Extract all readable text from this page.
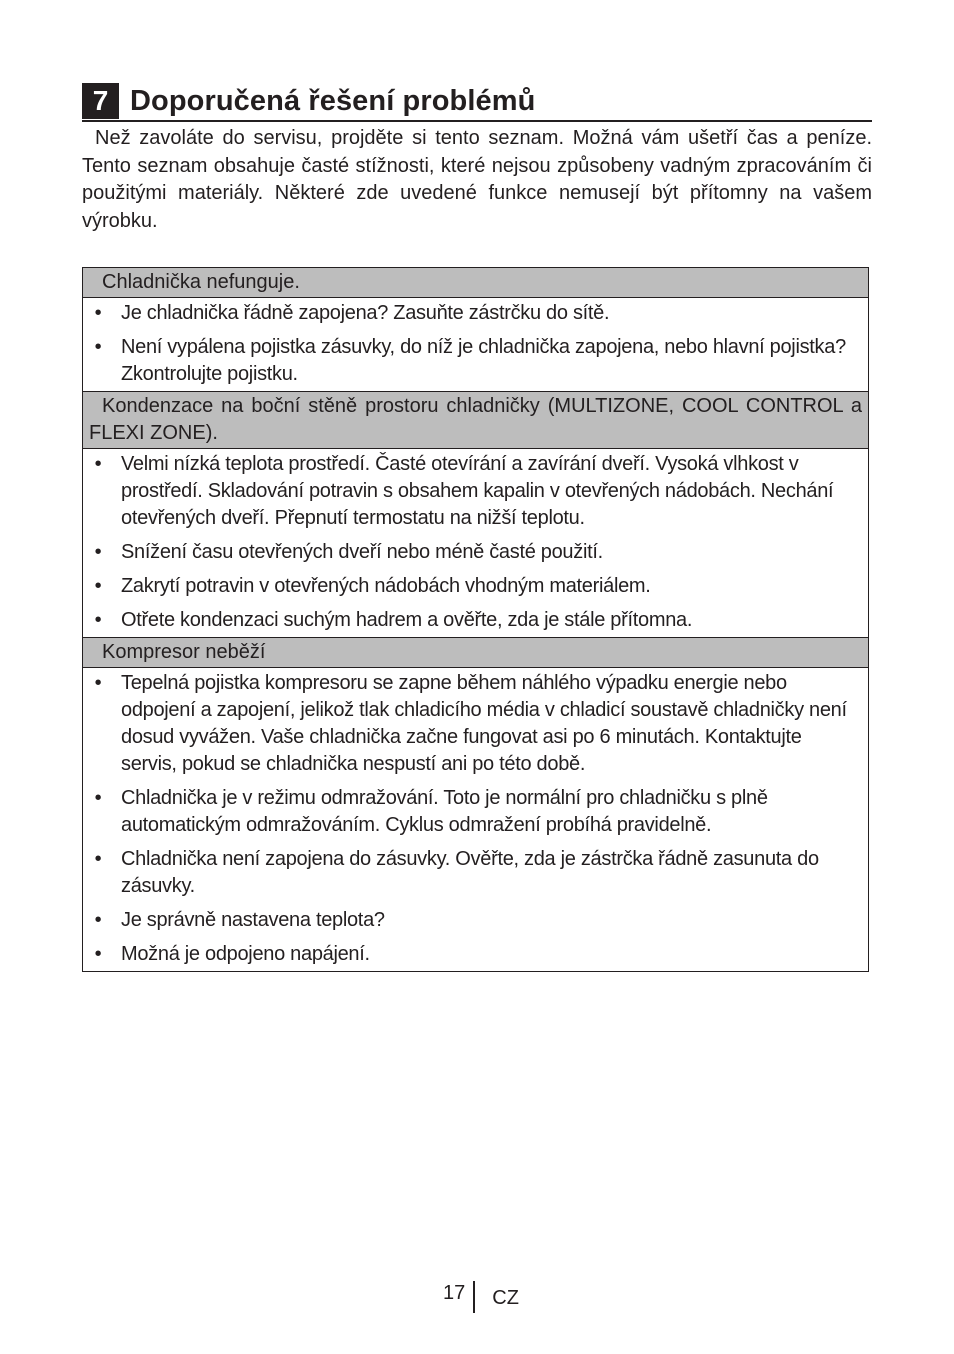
7 Doporučená řešení problémů

Než zavoláte do servisu, projděte si tento seznam. Možná vám ušetří čas a peníze. Tento seznam obsahuje časté stížnosti, které nejsou způsobeny vadným zpracováním či použitými materiály. Některé zde uvedené funkce nemusejí být přítomny na vašem výrobku.

Chladnička nefunguje.
• Je chladnička řádně zapojena? Zasuňte zástrčku do sítě.
• Není vypálena pojistka zásuvky, do níž je chladnička zapojena, nebo hlavní pojistka? Zkontrolujte pojistku.
Kondenzace na boční stěně prostoru chladničky (MULTIZONE, COOL CONTROL a FLEXI ZONE).
• Velmi nízká teplota prostředí. Časté otevírání a zavírání dveří. Vysoká vlhkost v prostředí. Skladování potravin s obsahem kapalin v otevřených nádobách. Nechání otevřených dveří. Přepnutí termostatu na nižší teplotu.
• Snížení času otevřených dveří nebo méně časté použití.
• Zakrytí potravin v otevřených nádobách vhodným materiálem.
• Otřete kondenzaci suchým hadrem a ověřte, zda je stále přítomna.
Kompresor neběží
• Tepelná pojistka kompresoru se zapne během náhlého výpadku energie nebo odpojení a zapojení, jelikož tlak chladicího média v chladicí soustavě chladničky není dosud vyvážen. Vaše chladnička začne fungovat asi po 6 minutách. Kontaktujte servis, pokud se chladnička nespustí ani po této době.
• Chladnička je v režimu odmražování. Toto je normální pro chladničku s plně automatickým odmražováním. Cyklus odmražení probíhá pravidelně.
• Chladnička není zapojena do zásuvky. Ověřte, zda je zástrčka řádně zasunuta do zásuvky.
• Je správně nastavena teplota?
• Možná je odpojeno napájení.
17	CZ
